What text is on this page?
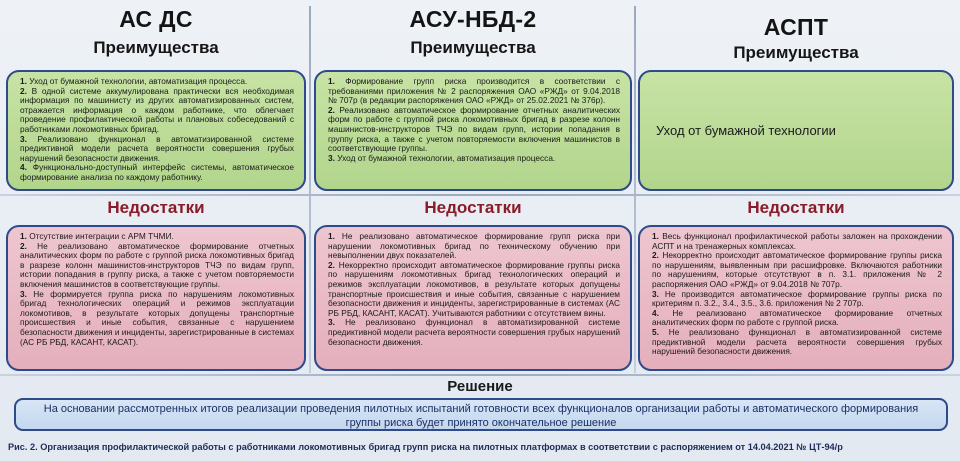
АС ДС
Преимущества

1. Уход от бумажной технологии, автоматизация процесса.

2. В одной системе аккумулирована практически вся необходимая информация по машинисту из других автоматизированных систем, отражается информация о каждом работнике, что облегчает проведение профилактической работы и плановых собеседований с работниками локомотивных бригад.

3. Реализовано функционал в автоматизированной системе предиктивной модели расчета вероятности совершения грубых нарушений безопасности движения.

4. Функционально-доступный интерфейс системы, автоматическое формирование анализа по каждому работнику.

Недостатки

1. Отсутствие интеграции с АРМ ТЧМИ.

2. Не реализовано автоматическое формирование отчетных аналитических форм по работе с группой риска локомотивных бригад в разрезе колонн машинистов-инструкторов ТЧЭ по видам групп, истории попадания в группу риска, а также с учетом повторяемости включения машинистов в соответствующие группы.

3. Не формируется группа риска по нарушениям локомотивных бригад технологических операций и режимов эксплуатации локомотивов, в результате которых допущены транспортные происшествия и иные события, связанные с нарушением безопасности движения и инциденты, зарегистрированные в системах (АС РБ РБД, КАСАНТ, КАСАТ).

АСУ-НБД-2
Преимущества

1. Формирование групп риска производится в соответствии с требованиями приложения № 2 распоряжения ОАО «РЖД» от 9.04.2018 № 707р (в редакции распоряжения ОАО «РЖД» от 25.02.2021 № 376р).

2. Реализовано автоматическое формирование отчетных аналитических форм по работе с группой риска локомотивных бригад в разрезе колонн машинистов-инструкторов ТЧЭ по видам групп, истории попадания в группу риска, а также с учетом повторяемости включения машинистов в соответствующие группы.

3. Уход от бумажной технологии, автоматизация процесса.

Недостатки

1. Не реализовано автоматическое формирование групп риска при нарушении локомотивных бригад по техническому обучению при невыполнении двух показателей.

2. Некорректно происходит автоматическое формирование группы риска по нарушениям локомотивных бригад технологических операций и режимов эксплуатации локомотивов, в результате которых допущены транспортные происшествия и иные события, связанные с нарушением безопасности движения и инциденты, зарегистрированные в системах (АС РБ РБД, КАСАНТ, КАСАТ). Учитываются работники с отсутствием вины.

3. Не реализовано функционал в автоматизированной системе предиктивной модели расчета вероятности совершения грубых нарушений безопасности движения.

АСПТ
Преимущества
Уход от бумажной технологии
Недостатки

1. Весь функционал профилактической работы заложен на прохождении АСПТ и на тренажерных комплексах.

2. Некорректно происходит автоматическое формирование группы риска по нарушениям, выявленным при расшифровке. Включаются работники по нарушениям, которые отсутствуют в п. 3.1. приложения № 2 распоряжения ОАО «РЖД» от 9.04.2018 № 707р.

3. Не производится автоматическое формирование группы риска по критериям п. 3.2., 3.4., 3.5., 3.6. приложения № 2 707р.

4. Не реализовано автоматическое формирование отчетных аналитических форм по работе с группой риска.

5. Не реализовано функционал в автоматизированной системе предиктивной модели расчета вероятности совершения грубых нарушений безопасности движения.

Решение
На основании рассмотренных итогов реализации проведения пилотных испытаний готовности всех функционалов организации работы и автоматического формирования группы риска будет принято окончательное решение
Рис. 2. Организация профилактической работы с работниками локомотивных бригад групп риска на пилотных платформах в соответствии с распоряжением от 14.04.2021 № ЦТ-94/р
